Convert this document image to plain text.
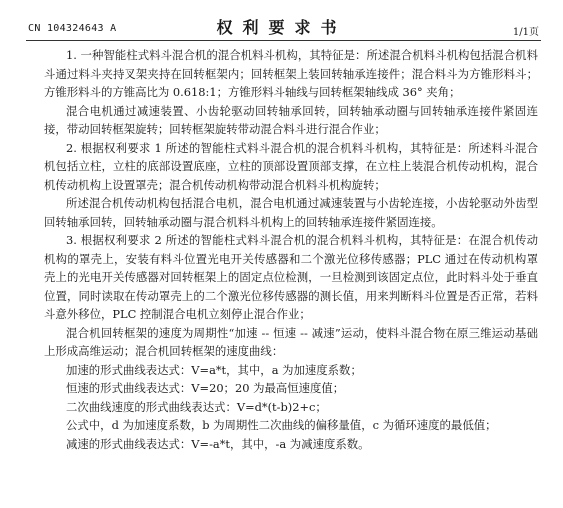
CN 104324643 A	权利要求书	1/1页

1. 一种智能柱式料斗混合机的混合机料斗机构，其特征是：所述混合机料斗机构包括混合机料斗通过料斗夹持叉架夹持在回转框架内；回转框架上装回转轴承连接件；混合料斗为方锥形料斗；方锥形料斗的方锥高比为 0.618:1；方锥形料斗轴线与回转框架轴线成 36° 夹角；

混合电机通过减速装置、小齿轮驱动回转轴承回转，回转轴承动圈与回转轴承连接件紧固连接，带动回转框架旋转；回转框架旋转带动混合料斗进行混合作业；

2. 根据权利要求 1 所述的智能柱式料斗混合机的混合机料斗机构，其特征是：所述料斗混合机包括立柱，立柱的底部设置底座，立柱的顶部设置顶部支撑，在立柱上装混合机传动机构，混合机传动机构上设置罩壳；混合机传动机构带动混合机料斗机构旋转；

所述混合机传动机构包括混合电机，混合电机通过减速装置与小齿轮连接，小齿轮驱动外齿型回转轴承回转，回转轴承动圈与混合机料斗机构上的回转轴承连接件紧固连接。

3. 根据权利要求 2 所述的智能柱式料斗混合机的混合机料斗机构，其特征是：在混合机传动机构的罩壳上，安装有料斗位置光电开关传感器和二个激光位移传感器；PLC 通过在传动机构罩壳上的光电开关传感器对回转框架上的固定点位检测，一旦检测到该固定点位，此时料斗处于垂直位置，同时读取在传动罩壳上的二个激光位移传感器的测长值，用来判断料斗位置是否正常，若料斗意外移位，PLC 控制混合电机立刻停止混合作业；

混合机回转框架的速度为周期性“加速 -- 恒速 -- 减速”运动，使料斗混合物在原三维运动基础上形成高维运动；混合机回转框架的速度曲线：

加速的形式曲线表达式：V=a*t，其中，a 为加速度系数；

恒速的形式曲线表达式：V=20；20 为最高恒速度值；

二次曲线速度的形式曲线表达式：V=d*(t-b)2+c；

公式中，d 为加速度系数，b 为周期性二次曲线的偏移量值，c 为循环速度的最低值；

减速的形式曲线表达式：V=-a*t，其中，-a 为减速度系数。
